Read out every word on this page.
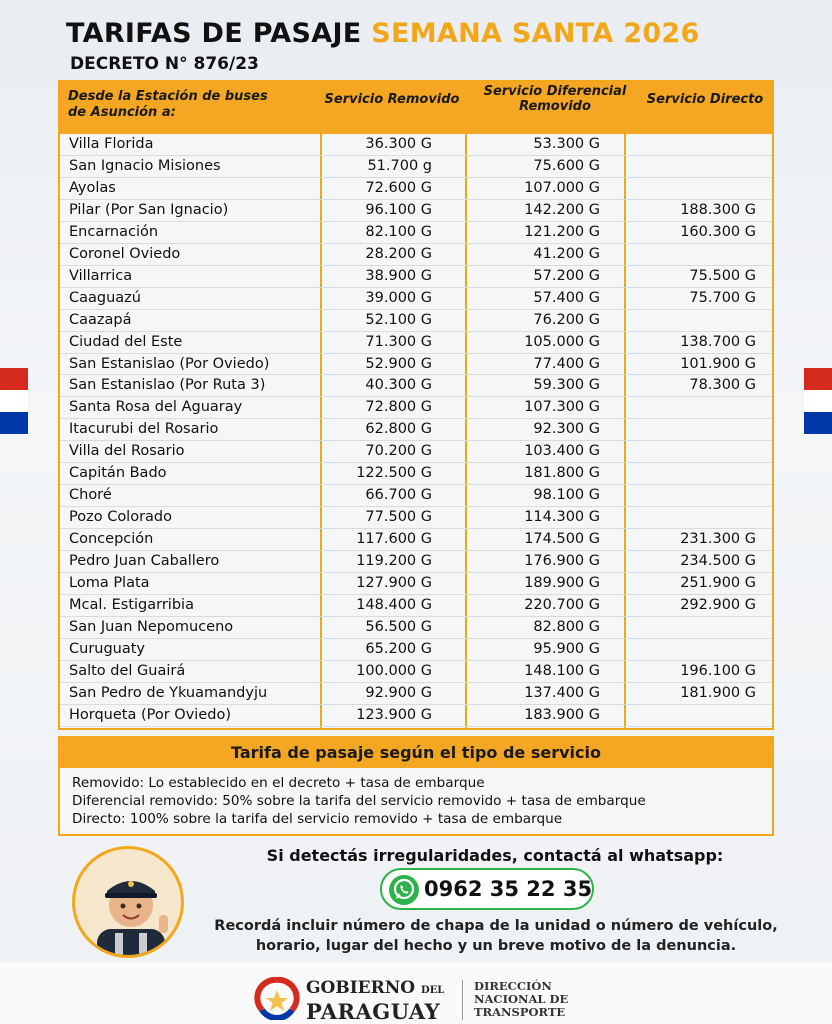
TARIFAS DE PASAJE SEMANA SANTA 2026
DECRETO N° 876/23
Desde la Estación de buses de Asunción a:
Servicio Removido
Servicio Diferencial Removido	Servicio Directo
Villa Florida	36.300 G	53.300 G
San Ignacio Misiones	51.700 g	75.600 G
Ayolas	72.600 G	107.000 G
Pilar (Por San Ignacio)	96.100 G	142.200 G	188.300 G
Encarnación	82.100 G	121.200 G	160.300 G
Coronel Oviedo	28.200 G	41.200 G
Villarrica	38.900 G	57.200 G	75.500 G
Caaguazú	39.000 G	57.400 G	75.700 G
Caazapá	52.100 G	76.200 G
Ciudad del Este	71.300 G	105.000 G	138.700 G
San Estanislao (Por Oviedo)	52.900 G	77.400 G	101.900 G
San Estanislao (Por Ruta 3)	40.300 G	59.300 G	78.300 G
Santa Rosa del Aguaray	72.800 G	107.300 G
Itacurubi del Rosario	62.800 G	92.300 G
Villa del Rosario	70.200 G	103.400 G
Capitán Bado	122.500 G	181.800 G
Choré	66.700 G	98.100 G
Pozo Colorado	77.500 G	114.300 G
Concepción	117.600 G	174.500 G	231.300 G
Pedro Juan Caballero	119.200 G	176.900 G	234.500 G
Loma Plata	127.900 G	189.900 G	251.900 G
Mcal. Estigarribia	148.400 G	220.700 G	292.900 G
San Juan Nepomuceno	56.500 G	82.800 G
Curuguaty	65.200 G	95.900 G
Salto del Guairá	100.000 G	148.100 G	196.100 G
San Pedro de Ykuamandyju	92.900 G	137.400 G	181.900 G
Horqueta (Por Oviedo)	123.900 G	183.900 G
Tarifa de pasaje según el tipo de servicio
Removido: Lo establecido en el decreto + tasa de embarque
Diferencial removido: 50% sobre la tarifa del servicio removido + tasa de embarque
Directo: 100% sobre la tarifa del servicio removido + tasa de embarque
Si detectás irregularidades, contactá al whatsapp:
0962 35 22 35
Recordá incluir número de chapa de la unidad o número de vehículo,
horario, lugar del hecho y un breve motivo de la denuncia.
GOBIERNO DEL
PARAGUAY
DIRECCIÓN
NACIONAL DE
TRANSPORTE
